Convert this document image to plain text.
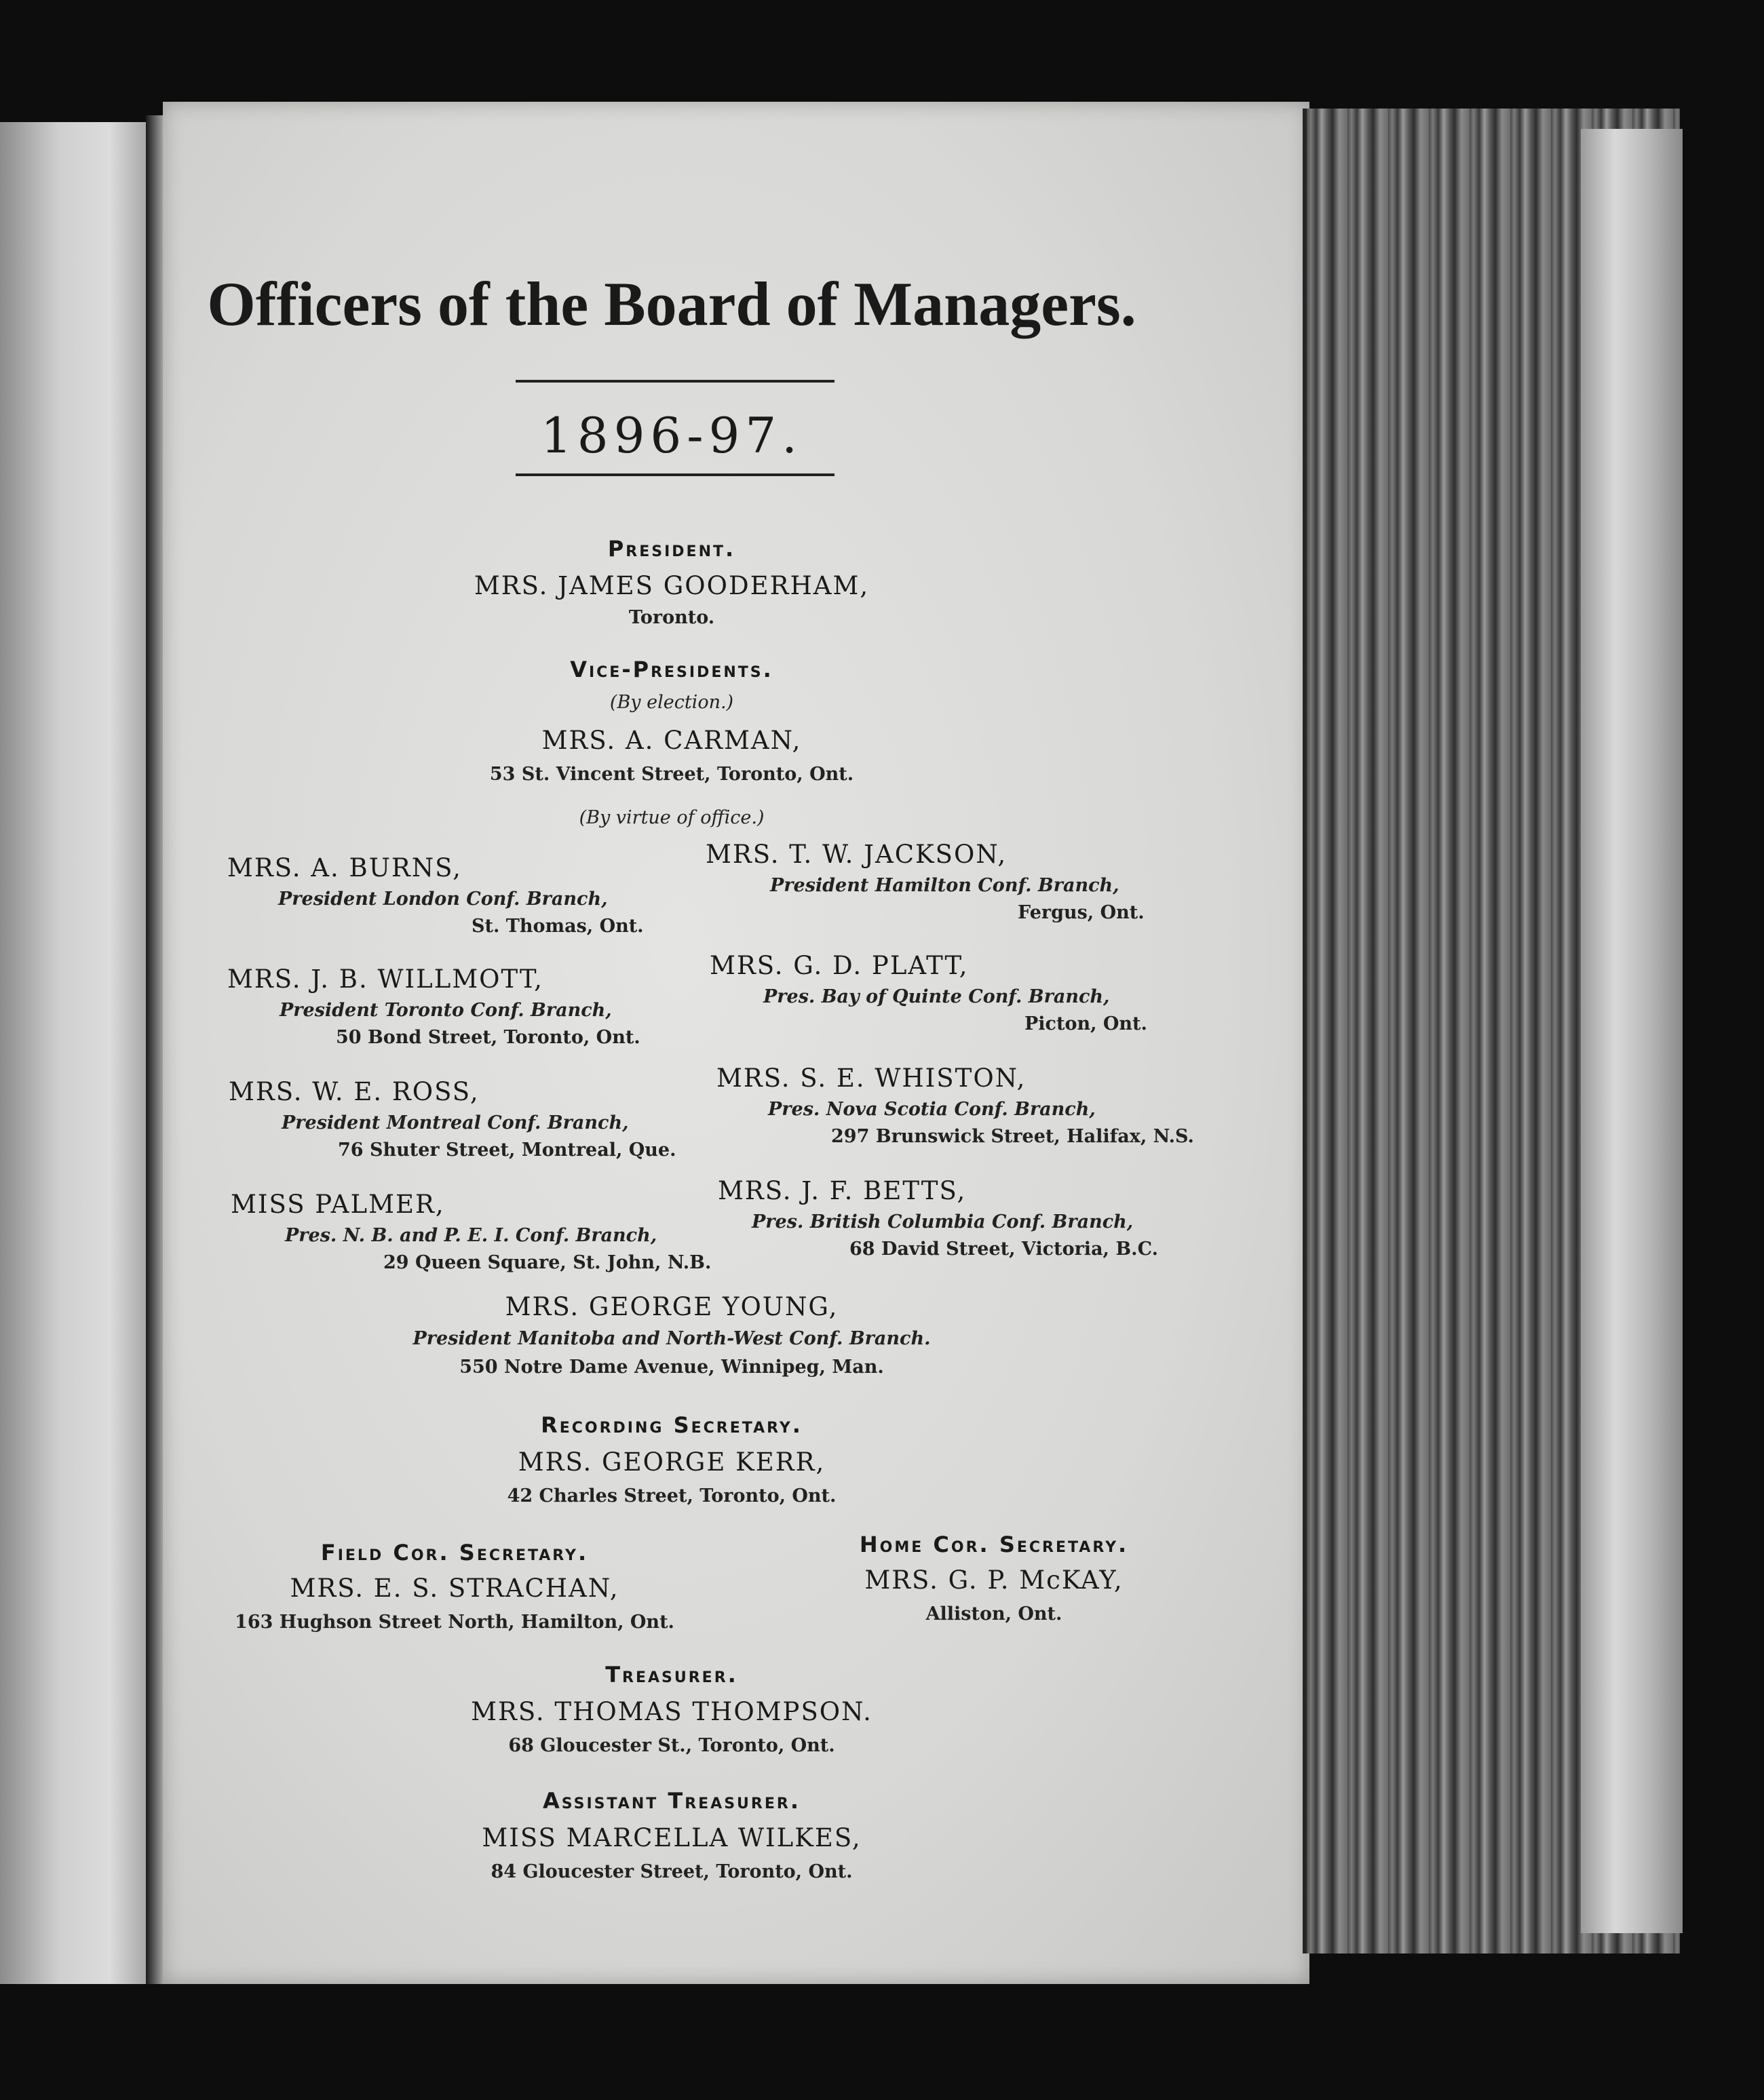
Officers of the Board of Managers.
1896-97.
President.
MRS. JAMES GOODERHAM,
Toronto.
Vice-Presidents.
(By election.)
MRS. A. CARMAN,
53 St. Vincent Street, Toronto, Ont.
(By virtue of office.)
MRS. A. BURNS,
President London Conf. Branch,
St. Thomas, Ont.
MRS. J. B. WILLMOTT,
President Toronto Conf. Branch,
50 Bond Street, Toronto, Ont.
MRS. W. E. ROSS,
President Montreal Conf. Branch,
76 Shuter Street, Montreal, Que.
MISS PALMER,
Pres. N. B. and P. E. I. Conf. Branch,
29 Queen Square, St. John, N.B.
MRS. T. W. JACKSON,
President Hamilton Conf. Branch,
Fergus, Ont.
MRS. G. D. PLATT,
Pres. Bay of Quinte Conf. Branch,
Picton, Ont.
MRS. S. E. WHISTON,
Pres. Nova Scotia Conf. Branch,
297 Brunswick Street, Halifax, N.S.
MRS. J. F. BETTS,
Pres. British Columbia Conf. Branch,
68 David Street, Victoria, B.C.
MRS. GEORGE YOUNG,
President Manitoba and North-West Conf. Branch.
550 Notre Dame Avenue, Winnipeg, Man.
Recording Secretary.
MRS. GEORGE KERR,
42 Charles Street, Toronto, Ont.
Field Cor. Secretary.
MRS. E. S. STRACHAN,
163 Hughson Street North, Hamilton, Ont.
Home Cor. Secretary.
MRS. G. P. McKAY,
Alliston, Ont.
Treasurer.
MRS. THOMAS THOMPSON.
68 Gloucester St., Toronto, Ont.
Assistant Treasurer.
MISS MARCELLA WILKES,
84 Gloucester Street, Toronto, Ont.
